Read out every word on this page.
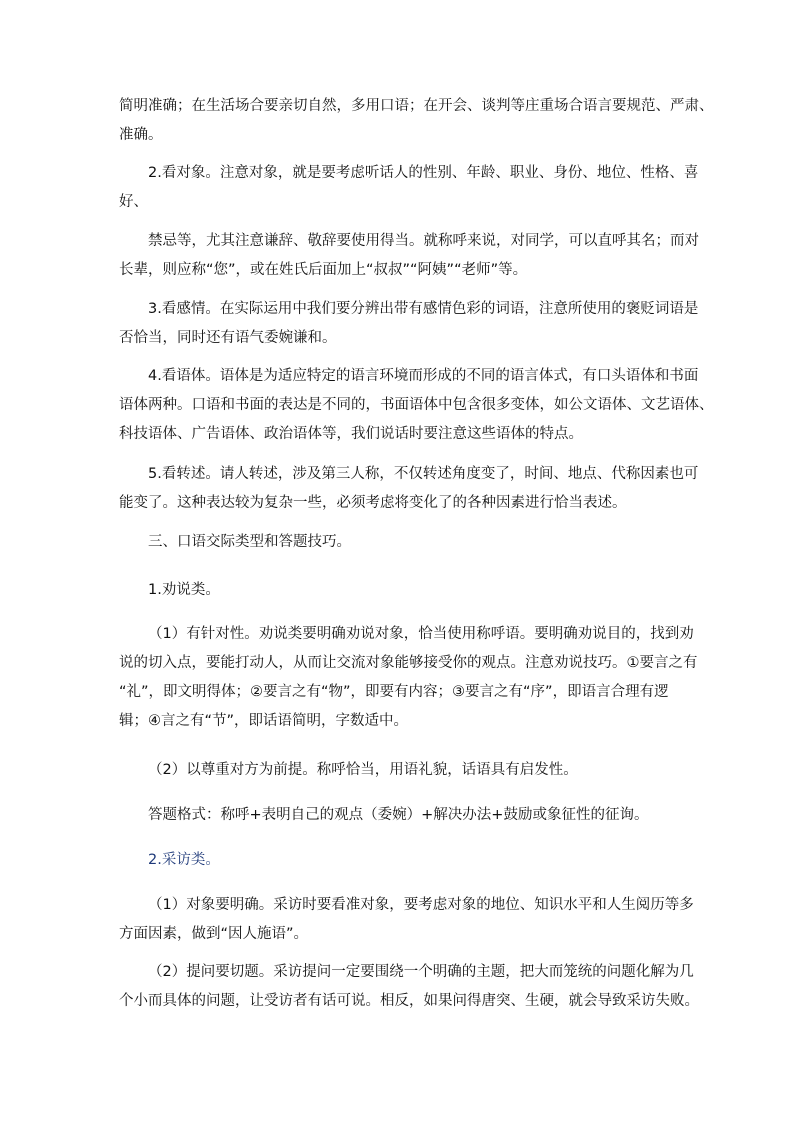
简明准确；在生活场合要亲切自然，多用口语；在开会、谈判等庄重场合语言要规范、严肃、
准确。
2.看对象。注意对象，就是要考虑听话人的性别、年龄、职业、身份、地位、性格、喜
好、
禁忌等，尤其注意谦辞、敬辞要使用得当。就称呼来说，对同学，可以直呼其名；而对
长辈，则应称“您”，或在姓氏后面加上“叔叔”“阿姨”“老师”等。
3.看感情。在实际运用中我们要分辨出带有感情色彩的词语，注意所使用的褒贬词语是
否恰当，同时还有语气委婉谦和。
4.看语体。语体是为适应特定的语言环境而形成的不同的语言体式，有口头语体和书面
语体两种。口语和书面的表达是不同的，书面语体中包含很多变体，如公文语体、文艺语体、
科技语体、广告语体、政治语体等，我们说话时要注意这些语体的特点。
5.看转述。请人转述，涉及第三人称，不仅转述角度变了，时间、地点、代称因素也可
能变了。这种表达较为复杂一些，必须考虑将变化了的各种因素进行恰当表述。
三、口语交际类型和答题技巧。
1.劝说类。
（1）有针对性。劝说类要明确劝说对象，恰当使用称呼语。要明确劝说目的，找到劝
说的切入点，要能打动人，从而让交流对象能够接受你的观点。注意劝说技巧。①要言之有
“礼”，即文明得体；②要言之有“物”，即要有内容；③要言之有“序”，即语言合理有逻
辑；④言之有“节”，即话语简明，字数适中。
（2）以尊重对方为前提。称呼恰当，用语礼貌，话语具有启发性。
答题格式：称呼+表明自己的观点（委婉）+解决办法+鼓励或象征性的征询。
2.采访类。
（1）对象要明确。采访时要看准对象，要考虑对象的地位、知识水平和人生阅历等多
方面因素，做到“因人施语”。
（2）提问要切题。采访提问一定要围绕一个明确的主题，把大而笼统的问题化解为几
个小而具体的问题，让受访者有话可说。相反，如果问得唐突、生硬，就会导致采访失败。
